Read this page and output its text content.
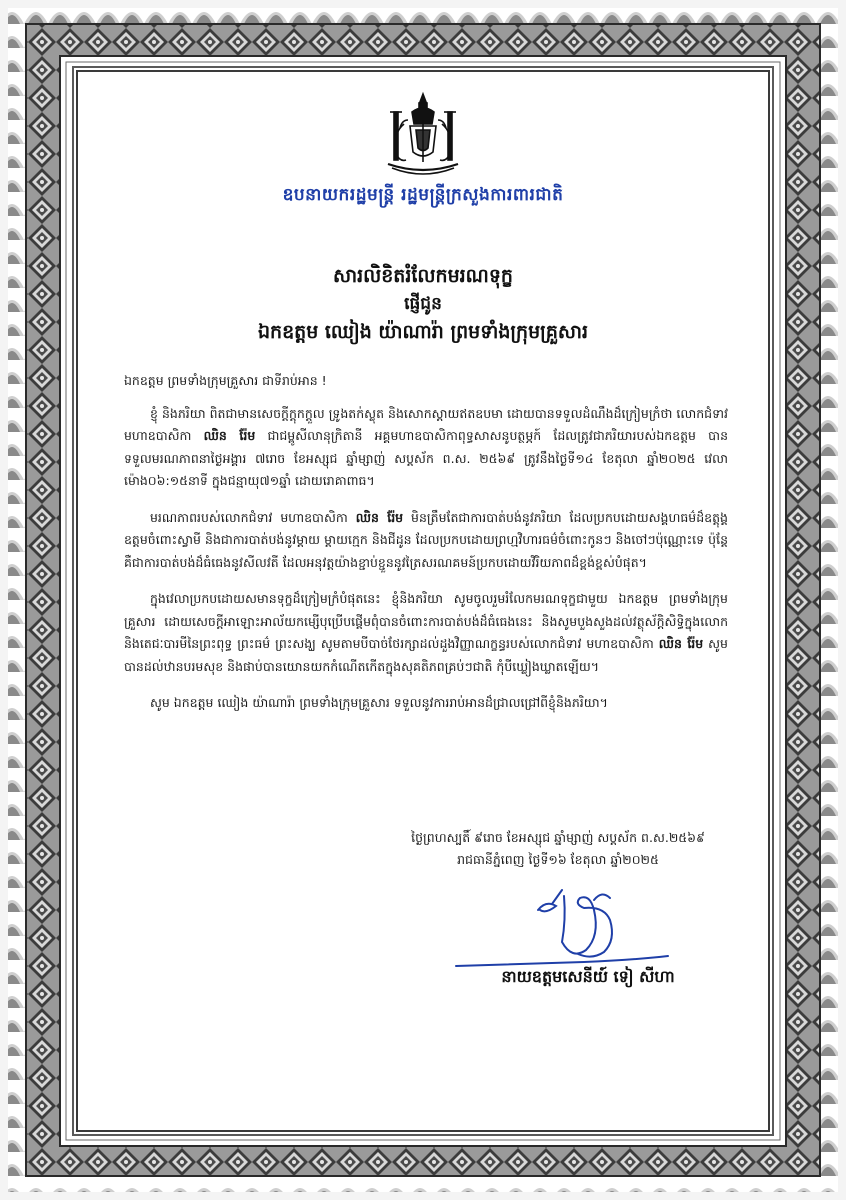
ឧបនាយករដ្ឋមន្ត្រី រដ្ឋមន្ត្រីក្រសួងការពារជាតិ
សារលិខិតរំលែកមរណទុក្ខ
ផ្ញើជូន
ឯកឧត្តម ឈៀង យ៉ាណារ៉ា ព្រមទាំងក្រុមគ្រួសារ

ឯកឧត្តម ព្រមទាំងក្រុមគ្រួសារ ជាទីរាប់អាន !

ខ្ញុំ និងភរិយា ពិតជាមានសេចក្តីក្តុកក្តួល ទ្រូងតក់ស្លុត និងសោកស្តាយឥតឧបមា ដោយបានទទួលដំណឹងដ៏ក្រៀមក្រំថា លោកជំទាវ មហាឧបាសិកា ឈិន រ៉ែម ជាជម្ពូសីលានុក្រិតានី អគ្គមហាឧបាសិកាពុទ្ធសាសនូបត្ថម្ភក៍ ដែលត្រូវជាភរិយារបស់ឯកឧត្តម បានទទួលមរណភាពនាថ្ងៃអង្គារ ៧រោច ខែអស្សុជ ឆ្នាំម្សាញ់ សប្តស័ក ព.ស. ២៥៦៩ ត្រូវនឹងថ្ងៃទី១៤ ខែតុលា ឆ្នាំ២០២៥ វេលាម៉ោង០៦:១៥នាទី ក្នុងជន្មាយុ៧១ឆ្នាំ ដោយរោគាពាធ។

មរណភាពរបស់លោកជំទាវ មហាឧបាសិកា ឈិន រ៉ែម មិនត្រឹមតែជាការបាត់បង់នូវភរិយា ដែលប្រកបដោយសង្គហធម៌ដ៏ឧត្តុង្គឧត្តមចំពោះស្វាមី និងជាការបាត់បង់នូវម្តាយ ម្តាយក្មេក និងជីដូន ដែលប្រកបដោយព្រហ្មវិហារធម៌ចំពោះកូនៗ និងចៅៗប៉ុណ្ណោះទេ ប៉ុន្តែគឺជាការបាត់បង់ដ៏ធំធេងនូវសីលវតី ដែលអនុវត្តយ៉ាងខ្ជាប់ខ្ជួននូវត្រៃសរណគមន៍ប្រកបដោយវិរិយភាពដ៏ខ្ពង់ខ្ពស់បំផុត។

ក្នុងវេលាប្រកបដោយសមានទុក្ខដ៏ក្រៀមក្រំបំផុតនេះ ខ្ញុំនិងភរិយា សូមចូលរួមរំលែកមរណទុក្ខជាមួយ ឯកឧត្តម ព្រមទាំងក្រុមគ្រួសារ ដោយសេចក្តីអាឡោះអាល័យកម្សើបុប្រើបផ្តើមពុំបានចំពោះការបាត់បង់ដ៏ធំធេងនេះ និងសូមបួងសួងដល់វត្ថុស័ក្តិសិទ្ធិក្នុងលោក និងតេជៈបារមីនៃព្រះពុទ្ធ ព្រះធម៌ ព្រះសង្ឃ សូមតាមបីបាច់ថែរក្សាដល់ដួងវិញ្ញាណក្ខន្ធរបស់លោកជំទាវ មហាឧបាសិកា ឈិន រ៉ែម សូមបានដល់ឋានបរមសុខ និងផាប់បានយោនយកកំណើតកើតក្នុងសុគតិភពគ្រប់ៗជាតិ កុំបីឃ្លៀងឃ្លាតឡើយ។

សូម ឯកឧត្តម ឈៀង យ៉ាណារ៉ា ព្រមទាំងក្រុមគ្រួសារ ទទួលនូវការរាប់អានដ៏ជ្រាលជ្រៅពីខ្ញុំនិងភរិយា។

ថ្ងៃព្រហស្បតិ៍ ៩រោច ខែអស្សុជ ឆ្នាំម្សាញ់ សប្តស័ក ព.ស.២៥៦៩
រាជធានីភ្នំពេញ ថ្ងៃទី១៦ ខែតុលា ឆ្នាំ២០២៥
នាយឧត្តមសេនីយ៍ ទៀ សីហា
